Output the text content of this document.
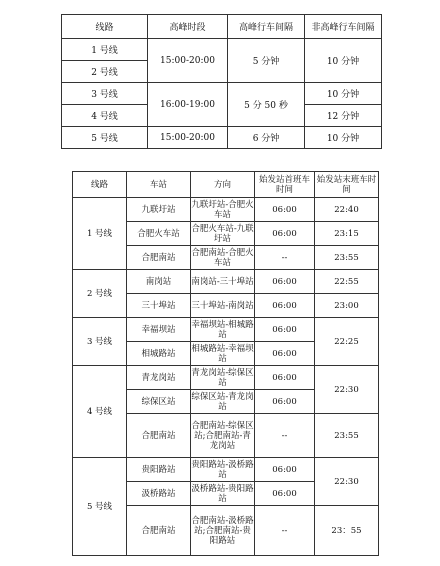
线路	高峰时段	高峰行车间隔	非高峰行车间隔
1 号线	15:00-20:00	5 分钟	10 分钟
2 号线			
3 号线	16:00-19:00	5 分 50 秒	10 分钟
4 号线			12 分钟
5 号线	15:00-20:00	6 分钟	10 分钟
线路	车站	方向	始发站首班车时间	始发站末班车时间
1 号线	九联圩站	九联圩站-合肥火车站	06:00	22:40
	合肥火车站	合肥火车站-九联圩站	06:00	23:15
	合肥南站	合肥南站-合肥火车站	--	23:55
2 号线	南岗站	南岗站-三十埠站	06:00	22:55
	三十埠站	三十埠站-南岗站	06:00	23:00
3 号线	幸福坝站	幸福坝站-相城路站	06:00	22:25
	相城路站	相城路站-幸福坝站	06:00	
4 号线	青龙岗站	青龙岗站-综保区站	06:00	22:30
	综保区站	综保区站-青龙岗站	06:00	
	合肥南站	合肥南站-综保区站;合肥南站-青龙岗站	--	23:55
5 号线	贵阳路站	贵阳路站-汲桥路站	06:00	22:30
	汲桥路站	汲桥路站-贵阳路站	06:00	
	合肥南站	合肥南站-汲桥路站;合肥南站-贵阳路站	--	23：55
